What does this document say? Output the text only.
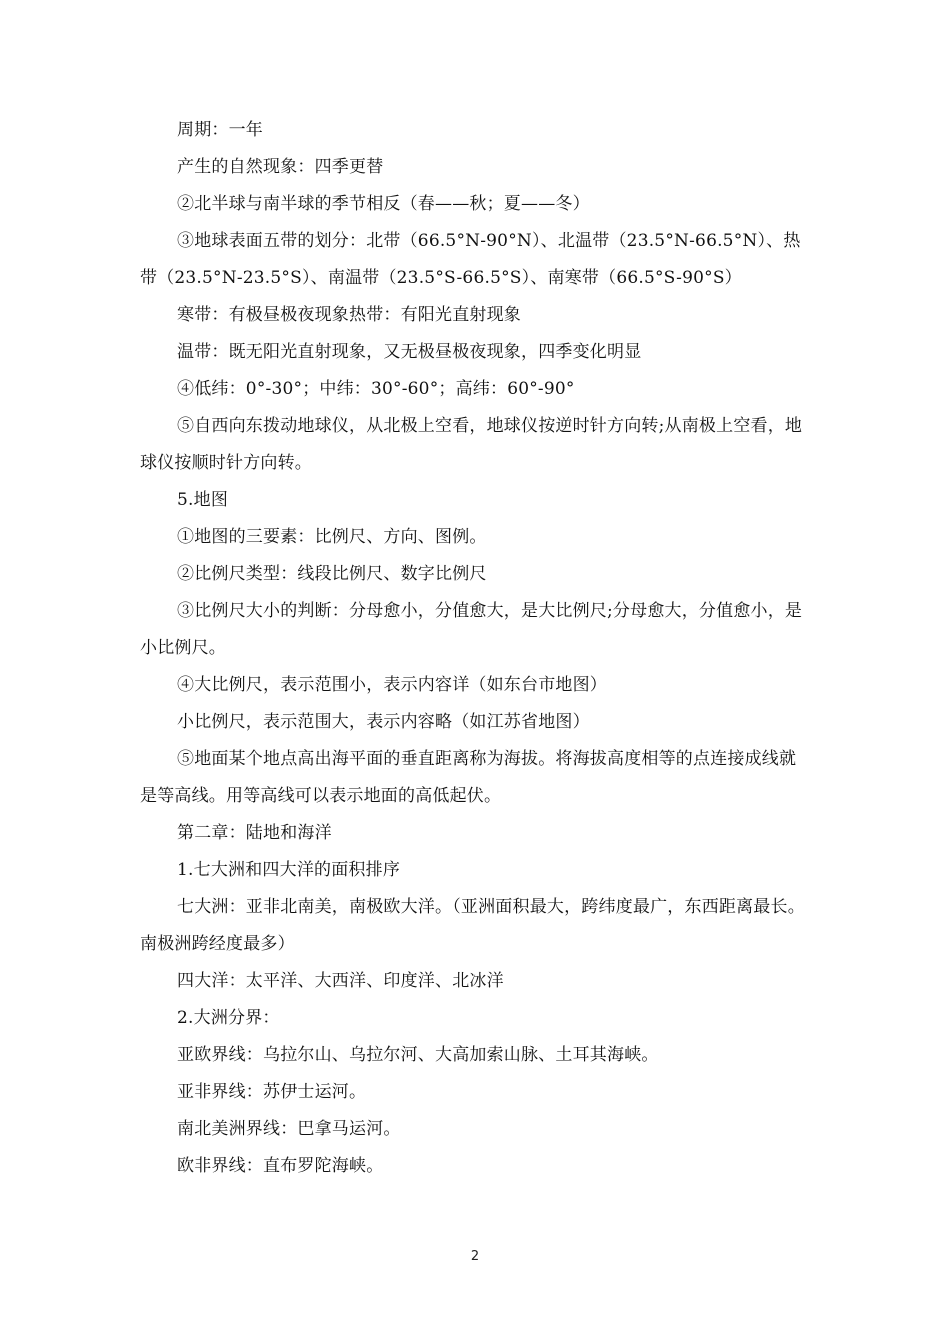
周期：一年

产生的自然现象：四季更替

②北半球与南半球的季节相反（春——秋；夏——冬）

③地球表面五带的划分：北带（66.5°N-90°N）、北温带（23.5°N-66.5°N）、热带（23.5°N-23.5°S）、南温带（23.5°S-66.5°S）、南寒带（66.5°S-90°S）

寒带：有极昼极夜现象热带：有阳光直射现象

温带：既无阳光直射现象，又无极昼极夜现象，四季变化明显

④低纬：0°-30°；中纬：30°-60°；高纬：60°-90°

⑤自西向东拨动地球仪，从北极上空看，地球仪按逆时针方向转;从南极上空看，地球仪按顺时针方向转。

5.地图

①地图的三要素：比例尺、方向、图例。

②比例尺类型：线段比例尺、数字比例尺

③比例尺大小的判断：分母愈小，分值愈大，是大比例尺;分母愈大，分值愈小，是小比例尺。

④大比例尺，表示范围小，表示内容详（如东台市地图）

小比例尺，表示范围大，表示内容略（如江苏省地图）

⑤地面某个地点高出海平面的垂直距离称为海拔。将海拔高度相等的点连接成线就是等高线。用等高线可以表示地面的高低起伏。

第二章：陆地和海洋

1.七大洲和四大洋的面积排序

七大洲：亚非北南美，南极欧大洋。（亚洲面积最大，跨纬度最广，东西距离最长。南极洲跨经度最多）

四大洋：太平洋、大西洋、印度洋、北冰洋

2.大洲分界：

亚欧界线：乌拉尔山、乌拉尔河、大高加索山脉、土耳其海峡。

亚非界线：苏伊士运河。

南北美洲界线：巴拿马运河。

欧非界线：直布罗陀海峡。

2
